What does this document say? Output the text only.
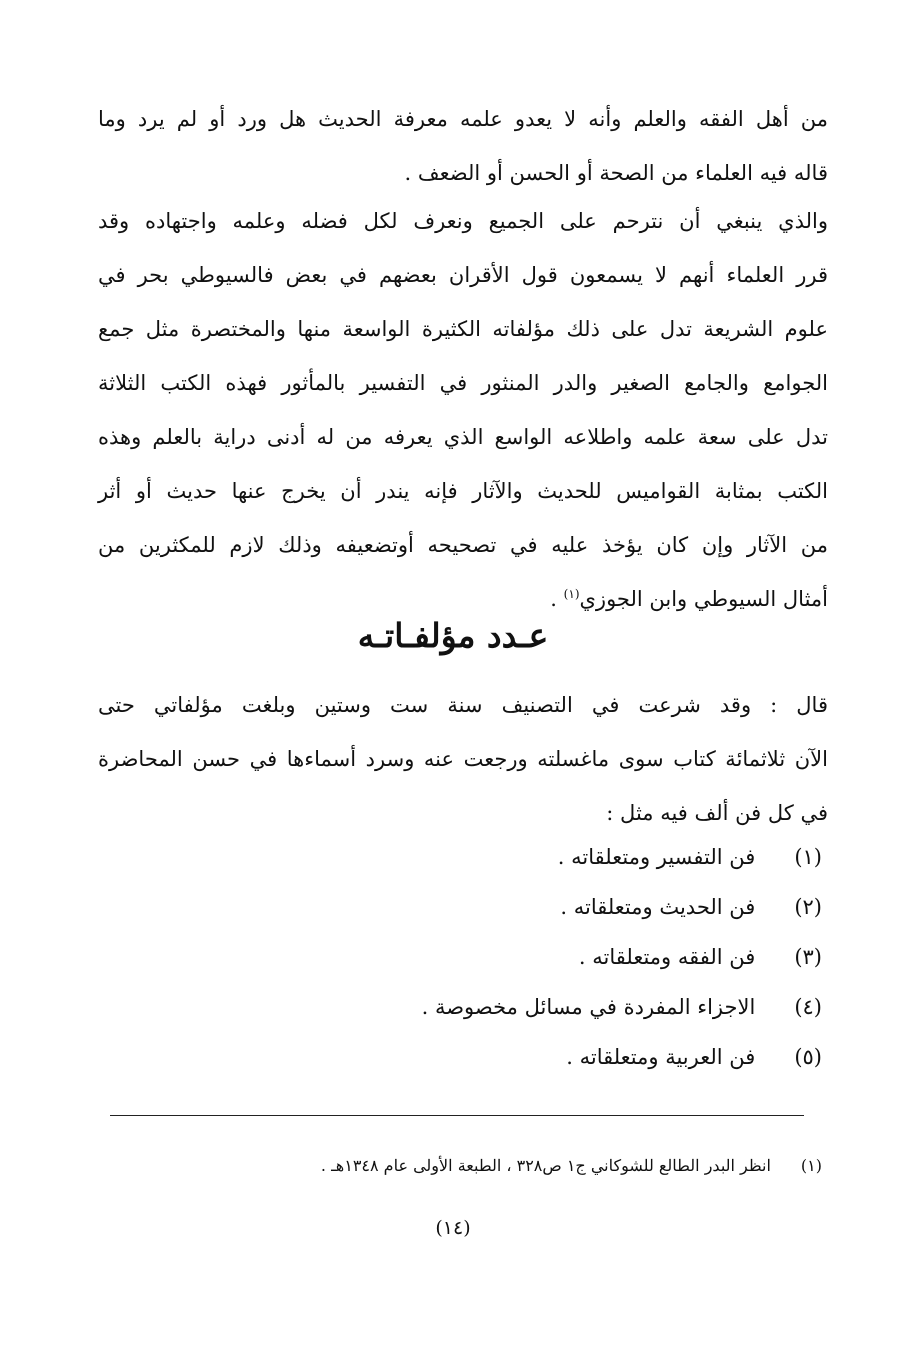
من أهل الفقه والعلم وأنه لا يعدو علمه معرفة الحديث هل ورد أو لم يرد وما
قاله فيه العلماء من الصحة أو الحسن أو الضعف .
والذي ينبغي أن نترحم على الجميع ونعرف لكل فضله وعلمه واجتهاده وقد
قرر العلماء أنهم لا يسمعون قول الأقران بعضهم في بعض فالسيوطي بحر في
علوم الشريعة تدل على ذلك مؤلفاته الكثيرة الواسعة منها والمختصرة مثل جمع
الجوامع والجامع الصغير والدر المنثور في التفسير بالمأثور فهذه الكتب الثلاثة
تدل على سعة علمه واطلاعه الواسع الذي يعرفه من له أدنى دراية بالعلم وهذه
الكتب بمثابة القواميس للحديث والآثار فإنه يندر أن يخرج عنها حديث أو أثر
من الآثار وإن كان يؤخذ عليه في تصحيحه أوتضعيفه وذلك لازم للمكثرين من
أمثال السيوطي وابن الجوزي$^{(١)}$ .
عـدد مؤلفـاتـه
قال : وقد شرعت في التصنيف سنة ست وستين وبلغت مؤلفاتي حتى
الآن ثلاثمائة كتاب سوى ماغسلته ورجعت عنه وسرد أسماءها في حسن المحاضرة
في كل فن ألف فيه مثل :
(١) فن التفسير ومتعلقاته .
(٢) فن الحديث ومتعلقاته .
(٣) فن الفقه ومتعلقاته .
(٤) الاجزاء المفردة في مسائل مخصوصة .
(٥) فن العربية ومتعلقاته .
(١) انظر البدر الطالع للشوكاني ج١ ص٣٢٨ ، الطبعة الأولى عام ١٣٤٨هـ .
(١٤)
